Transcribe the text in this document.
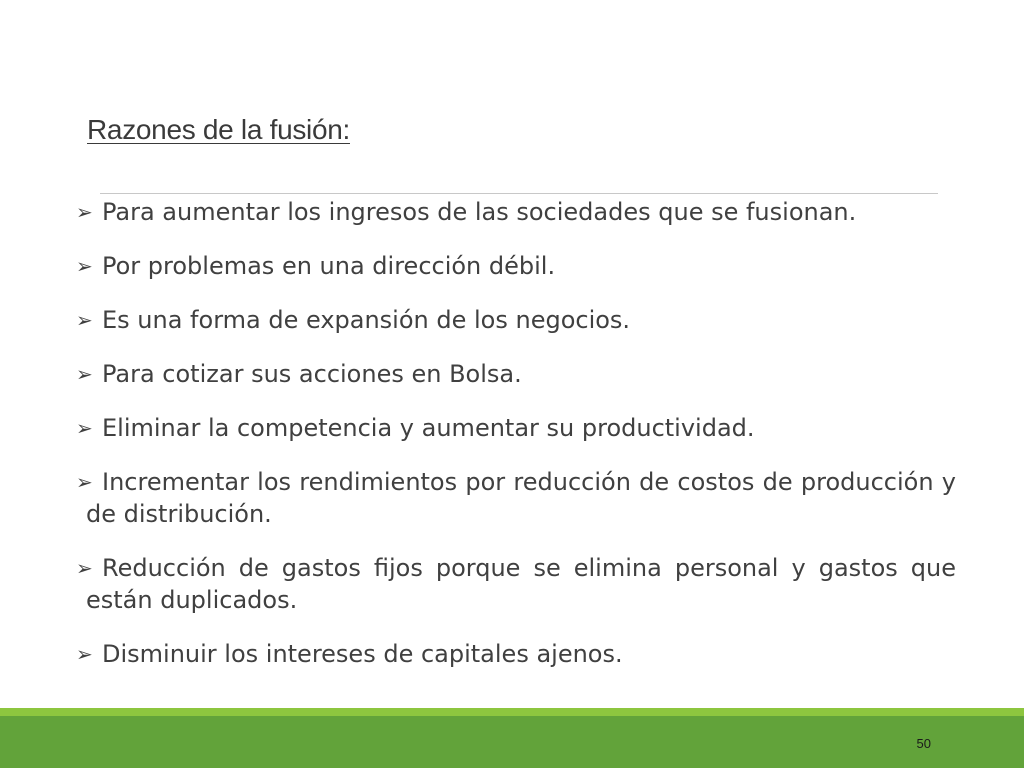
Razones de la fusión:
➢ Para aumentar los ingresos de las sociedades que se fusionan.
➢ Por problemas en una dirección débil.
➢ Es una forma de expansión de los negocios.
➢ Para cotizar sus acciones en Bolsa.
➢ Eliminar la competencia y aumentar su productividad.
➢ Incrementar los rendimientos por reducción de costos de producción y de distribución.
➢ Reducción de gastos fijos porque se elimina personal y gastos que están duplicados.
➢ Disminuir los intereses de capitales ajenos.
50
